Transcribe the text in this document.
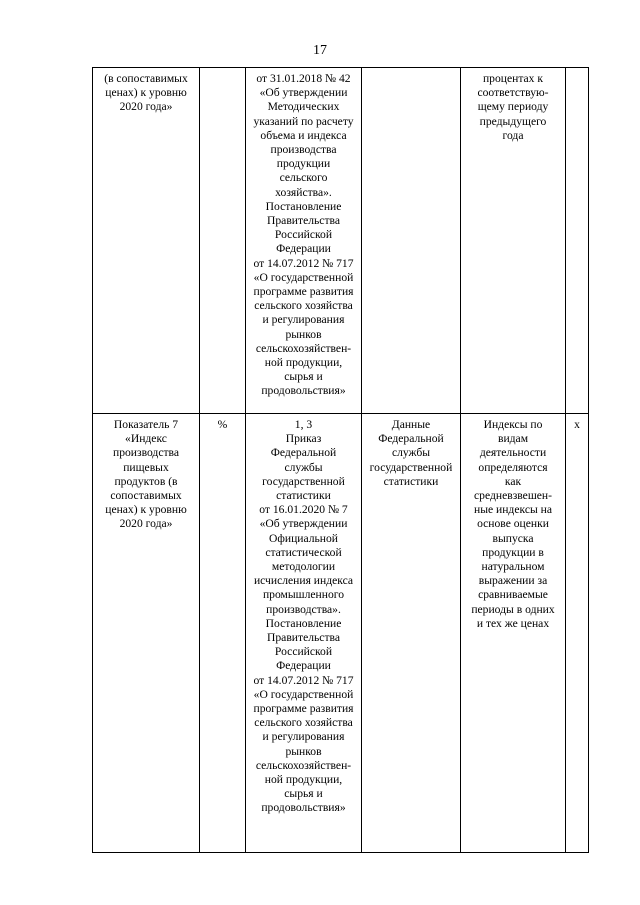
17
(в сопоставимых
ценах) к уровню
2020 года»
от 31.01.2018 № 42
«Об утверждении
Методических
указаний по расчету
объема и индекса
производства
продукции
сельского
хозяйства».
Постановление
Правительства
Российской
Федерации
от 14.07.2012 № 717
«О государственной
программе развития
сельского хозяйства
и регулирования
рынков
сельскохозяйствен-
ной продукции,
сырья и
продовольствия»
процентах к
соответствую-
щему периоду
предыдущего
года
Показатель 7
«Индекс
производства
пищевых
продуктов (в
сопоставимых
ценах) к уровню
2020 года»
%	1, 3
Приказ
Федеральной
службы
государственной
статистики
от 16.01.2020 № 7
«Об утверждении
Официальной
статистической
методологии
исчисления индекса
промышленного
производства».
Постановление
Правительства
Российской
Федерации
от 14.07.2012 № 717
«О государственной
программе развития
сельского хозяйства
и регулирования
рынков
сельскохозяйствен-
ной продукции,
сырья и
продовольствия»
Данные
Федеральной
службы
государственной
статистики
Индексы по
видам
деятельности
определяются
как
средневзвешен-
ные индексы на
основе оценки
выпуска
продукции в
натуральном
выражении за
сравниваемые
периоды в одних
и тех же ценах
х
